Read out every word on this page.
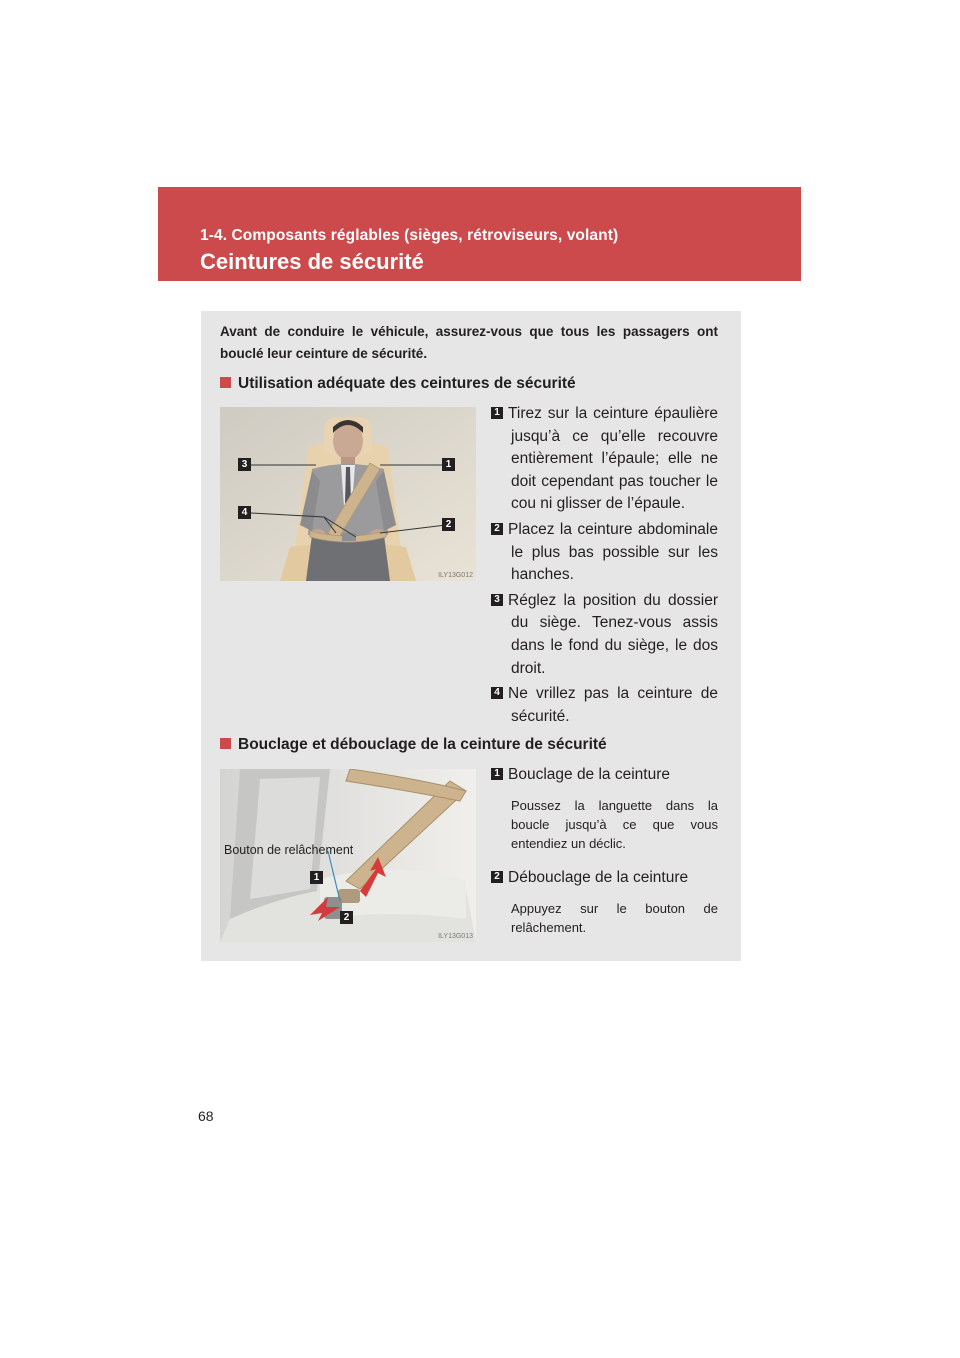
1-4. Composants réglables (sièges, rétroviseurs, volant)
Ceintures de sécurité
Avant de conduire le véhicule, assurez-vous que tous les passagers ont bouclé leur ceinture de sécurité.
Utilisation adéquate des ceintures de sécurité
1
2
3
4
ILY13G012
1 Tirez sur la ceinture épaulière jusqu’à ce qu’elle recouvre entièrement l’épaule; elle ne doit cependant pas toucher le cou ni glisser de l’épaule.
2 Placez la ceinture abdominale le plus bas possible sur les hanches.
3 Réglez la position du dossier du siège. Tenez-vous assis dans le fond du siège, le dos droit.
4 Ne vrillez pas la ceinture de sécurité.
Bouclage et débouclage de la ceinture de sécurité
1
2
Bouton de relâchement
ILY13G013
1 Bouclage de la ceinture
Poussez la languette dans la boucle jusqu’à ce que vous entendiez un déclic.
2 Débouclage de la ceinture
Appuyez sur le bouton de relâchement.
68
